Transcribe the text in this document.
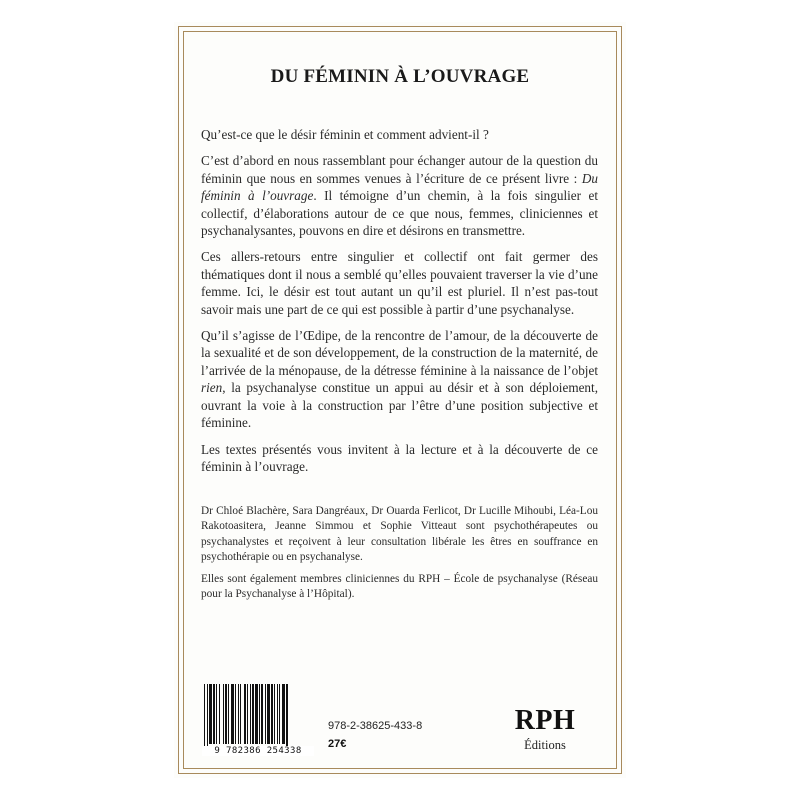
DU FÉMININ À L’OUVRAGE

Qu’est-ce que le désir féminin et comment advient-il ?

C’est d’abord en nous rassemblant pour échanger autour de la question du féminin que nous en sommes venues à l’écriture de ce présent livre : Du féminin à l’ouvrage. Il témoigne d’un chemin, à la fois singulier et collectif, d’élaborations autour de ce que nous, femmes, cliniciennes et psychanalysantes, pouvons en dire et désirons en transmettre.

Ces allers-retours entre singulier et collectif ont fait germer des thématiques dont il nous a semblé qu’elles pouvaient traverser la vie d’une femme. Ici, le désir est tout autant un qu’il est pluriel. Il n’est pas-tout savoir mais une part de ce qui est possible à partir d’une psychanalyse.

Qu’il s’agisse de l’Œdipe, de la rencontre de l’amour, de la découverte de la sexualité et de son développement, de la construction de la maternité, de l’arrivée de la ménopause, de la détresse féminine à la naissance de l’objet rien, la psychanalyse constitue un appui au désir et à son déploiement, ouvrant la voie à la construction par l’être d’une position subjective et féminine.

Les textes présentés vous invitent à la lecture et à la découverte de ce féminin à l’ouvrage.

Dr Chloé Blachère, Sara Dangréaux, Dr Ouarda Ferlicot, Dr Lucille Mihoubi, Léa-Lou Rakotoasitera, Jeanne Simmou et Sophie Vitteaut sont psychothérapeutes ou psychanalystes et reçoivent à leur consultation libérale les êtres en souffrance en psychothérapie ou en psychanalyse.

Elles sont également membres cliniciennes du RPH – École de psychanalyse (Réseau pour la Psychanalyse à l’Hôpital).

9 782386 254338
978-2-38625-433-8
27€
RPH
Éditions
